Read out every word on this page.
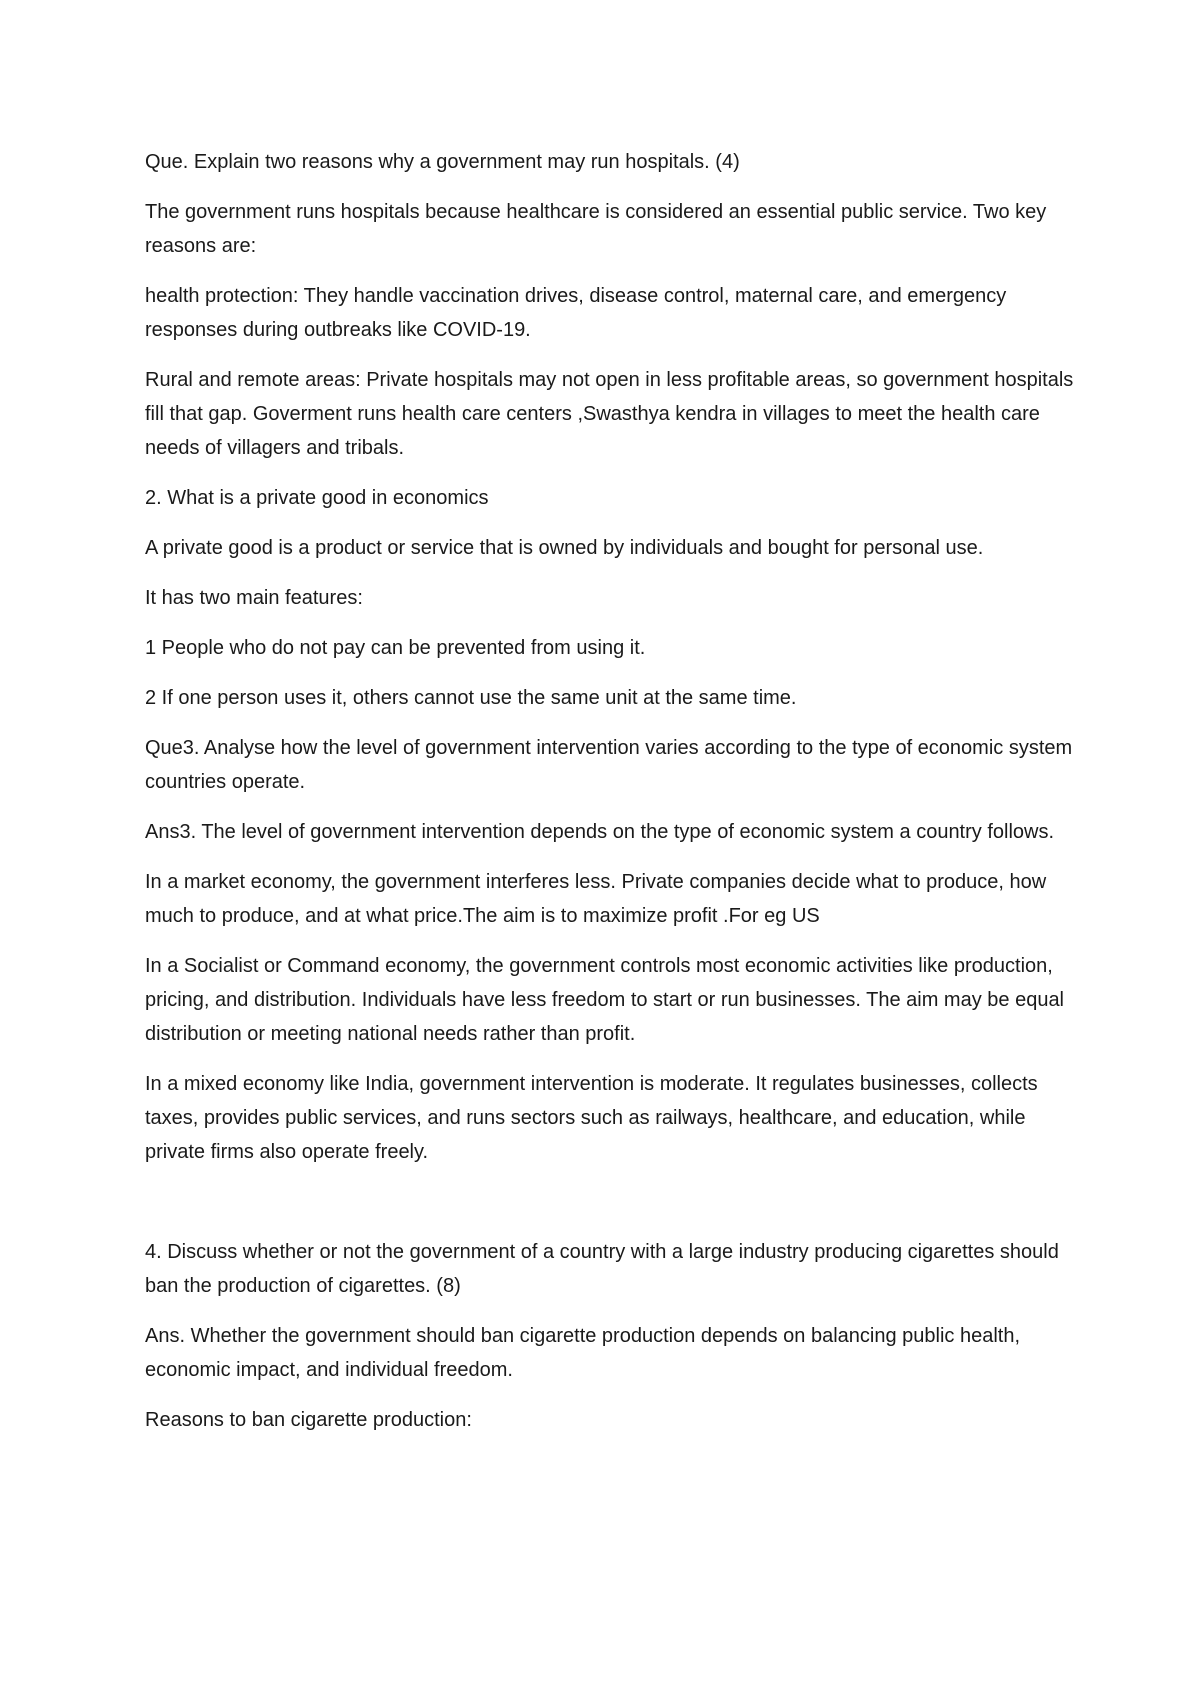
Que. Explain two reasons why a government may run hospitals. (4)

The government runs hospitals because healthcare is considered an essential public service. Two key reasons are:

health protection: They handle vaccination drives, disease control, maternal care, and emergency responses during outbreaks like COVID-19.

Rural and remote areas: Private hospitals may not open in less profitable areas, so government hospitals fill that gap. Goverment runs health care centers ,Swasthya kendra in villages to meet the health care needs of villagers and tribals.

2. What is a private good in economics

A private good is a product or service that is owned by individuals and bought for personal use.

It has two main features:

1 People who do not pay can be prevented from using it.

2 If one person uses it, others cannot use the same unit at the same time.

Que3. Analyse how the level of government intervention varies according to the type of economic system countries operate.

Ans3. The level of government intervention depends on the type of economic system a country follows.

In a market economy, the government interferes less. Private companies decide what to produce, how much to produce, and at what price.The aim is to maximize profit .For eg US

In a Socialist or Command economy, the government controls most economic activities like production, pricing, and distribution. Individuals have less freedom to start or run businesses. The aim may be equal distribution or meeting national needs rather than profit.

In a mixed economy like India, government intervention is moderate. It regulates businesses, collects taxes, provides public services, and runs sectors such as railways, healthcare, and education, while private firms also operate freely.

4. Discuss whether or not the government of a country with a large industry producing cigarettes should ban the production of cigarettes. (8)

Ans. Whether the government should ban cigarette production depends on balancing public health, economic impact, and individual freedom.

Reasons to ban cigarette production:
